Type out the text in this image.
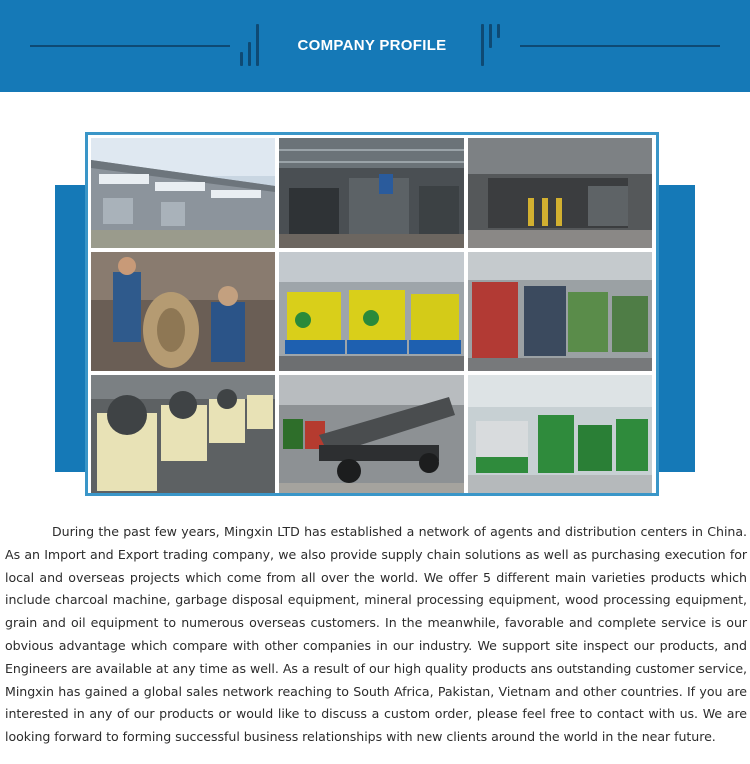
COMPANY PROFILE

During the past few years, Mingxin LTD has established a network of agents and distribution centers in China. As an Import and Export trading company, we also provide supply chain solutions as well as purchasing execution for local and overseas projects which come from all over the world. We offer 5 different main varieties products which include charcoal machine, garbage disposal equipment, mineral processing equipment, wood processing equipment, grain and oil equipment to numerous overseas customers. In the meanwhile, favorable and complete service is our obvious advantage which compare with other companies in our industry. We support site inspect our products, and Engineers are available at any time as well. As a result of our high quality products ans outstanding customer service, Mingxin has gained a global sales network reaching to South Africa, Pakistan, Vietnam and other countries. If you are interested in any of our products or would like to discuss a custom order, please feel free to contact with us. We are looking forward to forming successful business relationships with new clients around the world in the near future.
